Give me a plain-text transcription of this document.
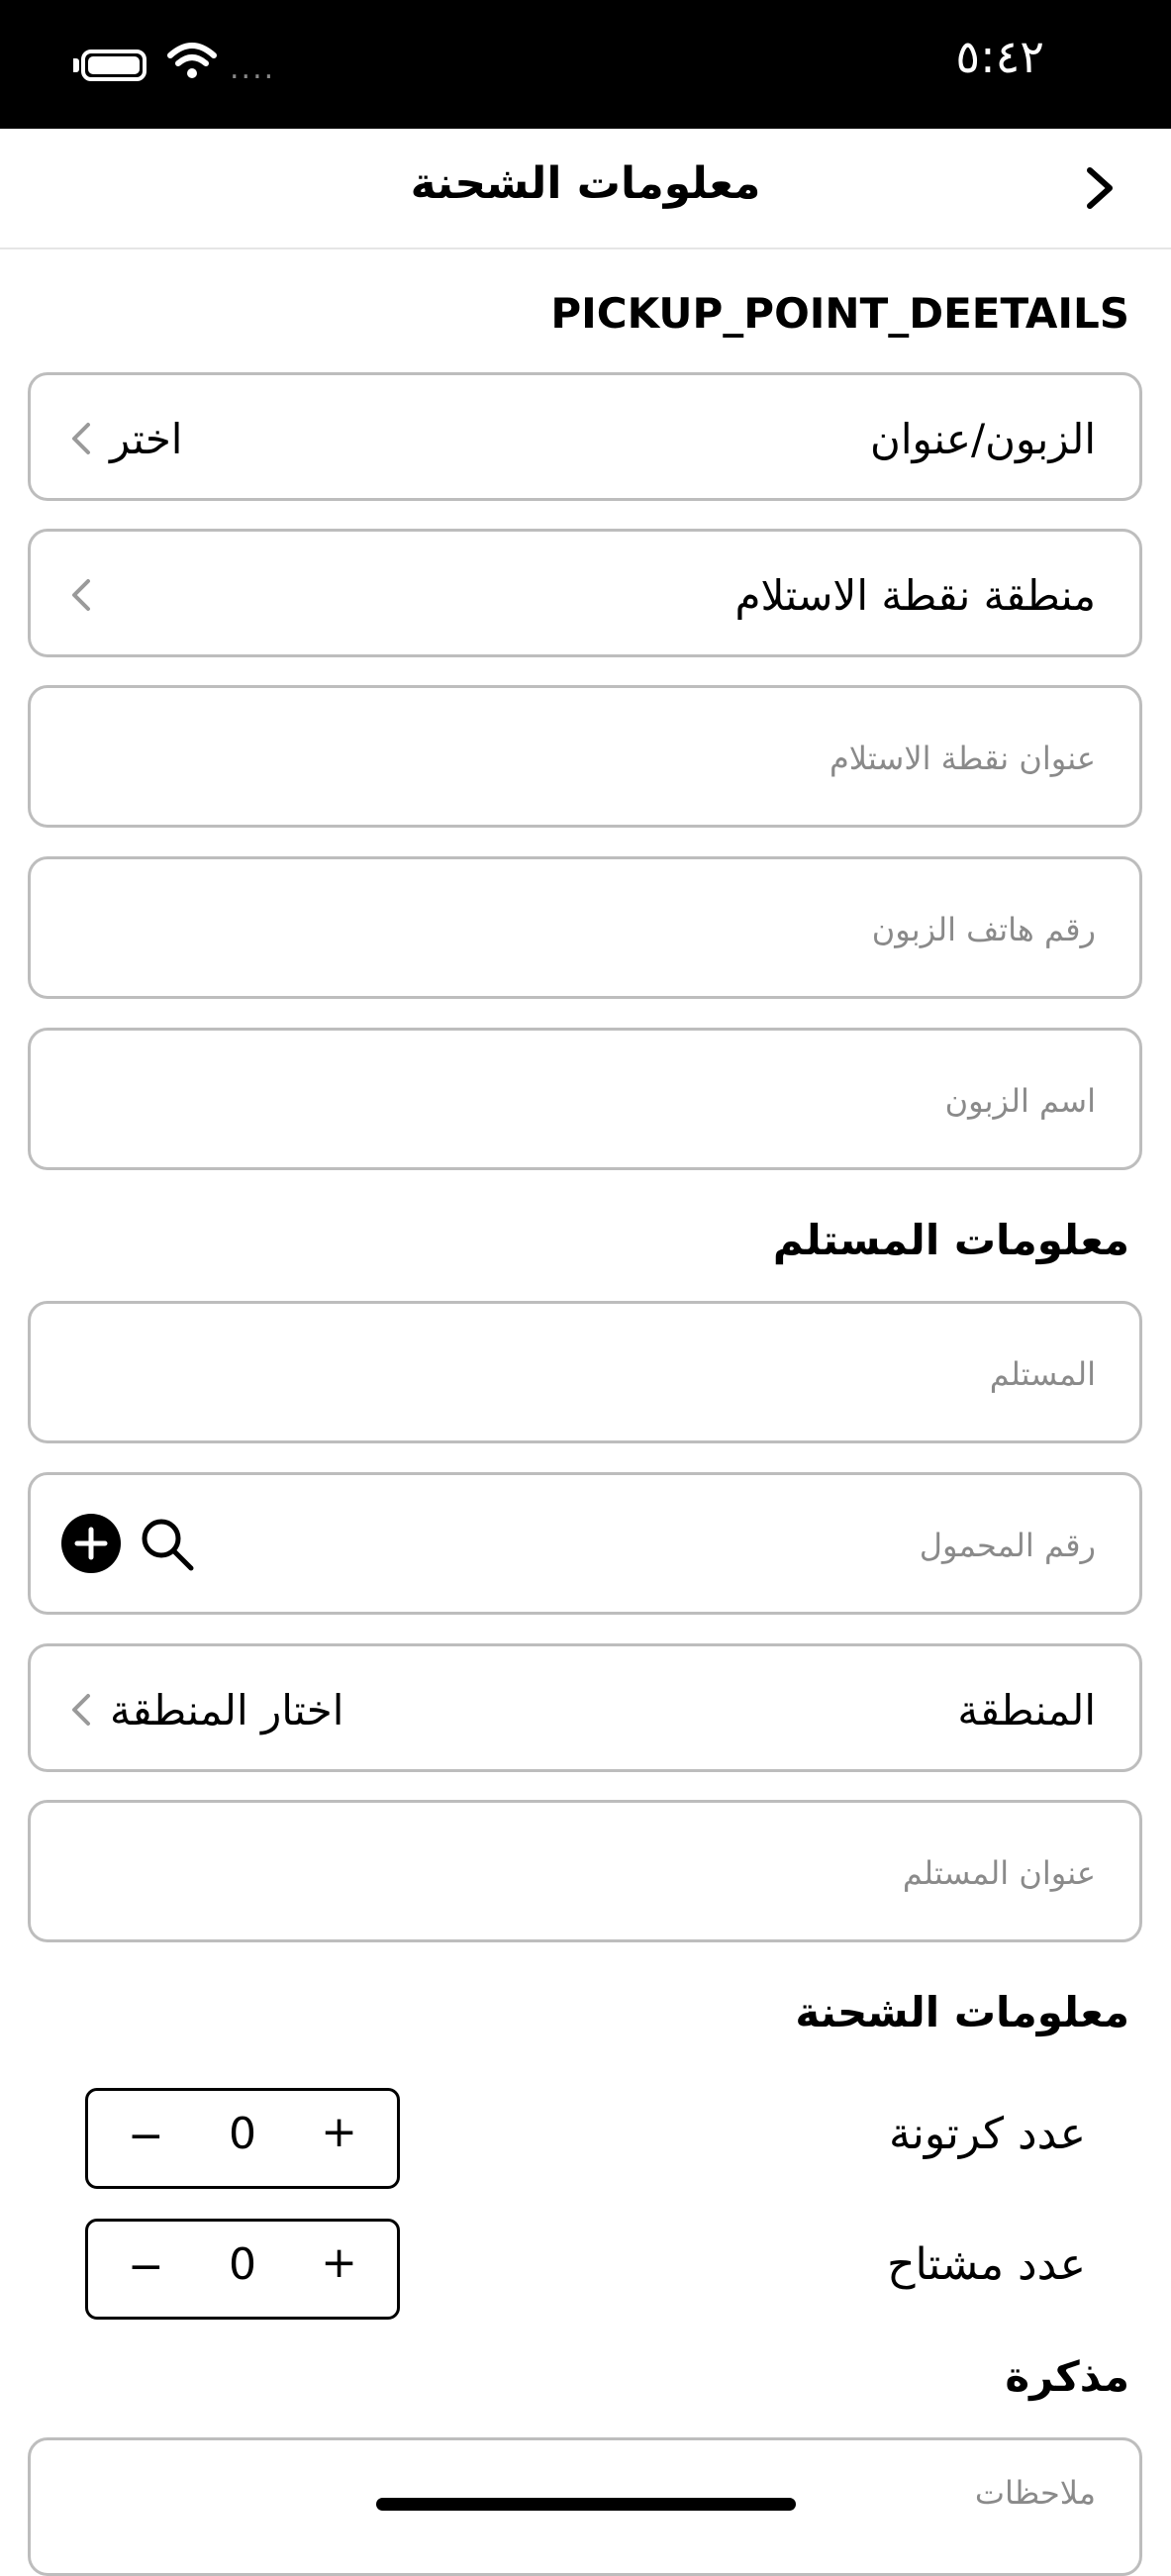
....	٥:٤٢
معلومات الشحنة
PICKUP_POINT_DEETAILS
الزبون/عنوان
اختر
منطقة نقطة الاستلام
عنوان نقطة الاستلام
رقم هاتف الزبون
اسم الزبون
معلومات المستلم
المستلم
رقم المحمول
المنطقة
اختار المنطقة
عنوان المستلم
معلومات الشحنة
عدد كرتونة
−	0	+
عدد مشتاح
−	0	+
مذكرة
ملاحظات
